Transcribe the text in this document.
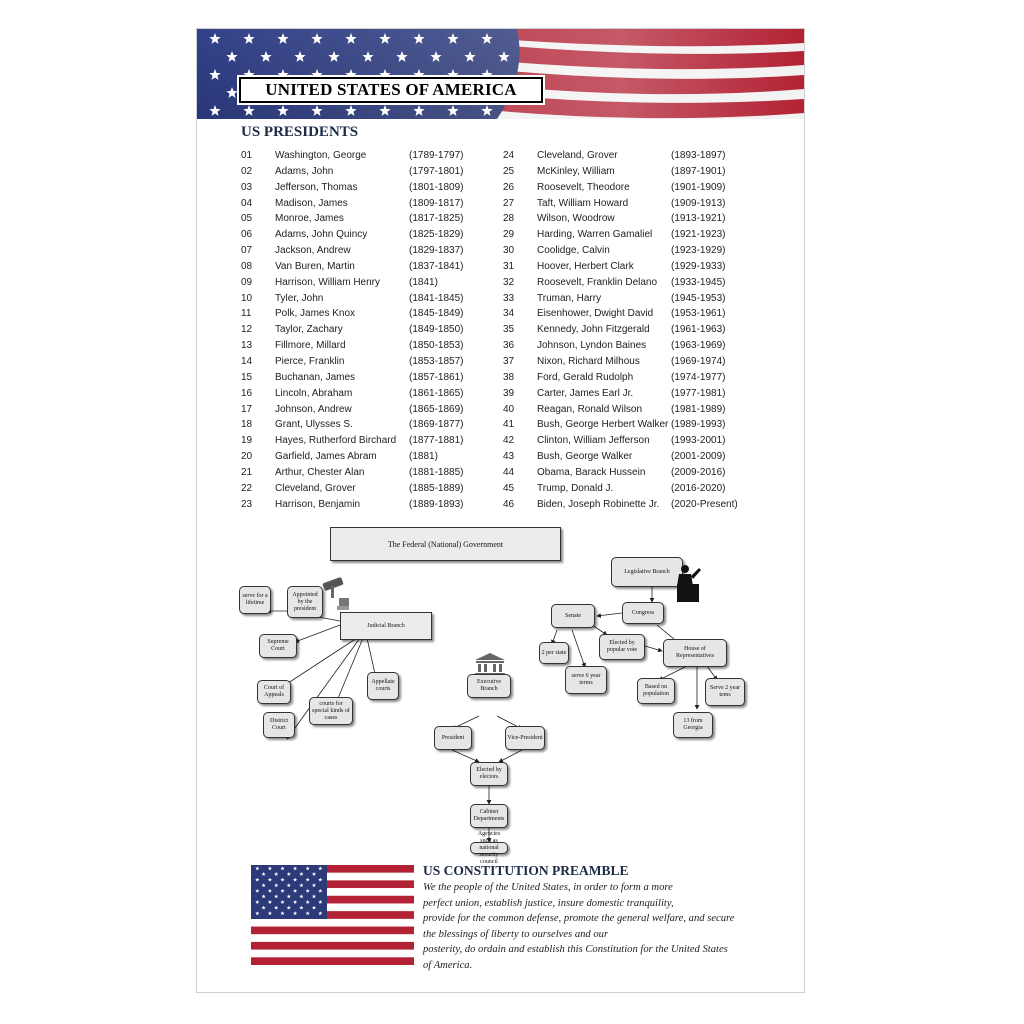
UNITED STATES OF AMERICA
US PRESIDENTS
01 Washington, George	(1789-1797)
02 Adams, John	(1797-1801)
03 Jefferson, Thomas	(1801-1809)
04 Madison, James	(1809-1817)
05 Monroe, James	(1817-1825)
06 Adams, John Quincy	(1825-1829)
07 Jackson, Andrew	(1829-1837)
08 Van Buren, Martin	(1837-1841)
09 Harrison, William Henry	(1841)
10 Tyler, John	(1841-1845)
11 Polk, James Knox	(1845-1849)
12 Taylor, Zachary	(1849-1850)
13 Fillmore, Millard	(1850-1853)
14 Pierce, Franklin	(1853-1857)
15 Buchanan, James	(1857-1861)
16 Lincoln, Abraham	(1861-1865)
17 Johnson, Andrew	(1865-1869)
18 Grant, Ulysses S.	(1869-1877)
19 Hayes, Rutherford Birchard (1877-1881)
20 Garfield, James Abram	(1881)
21 Arthur, Chester Alan	(1881-1885)
22 Cleveland, Grover	(1885-1889)
23 Harrison, Benjamin	(1889-1893)
24 Cleveland, Grover	(1893-1897)
25 McKinley, William	(1897-1901)
26 Roosevelt, Theodore	(1901-1909)
27 Taft, William Howard	(1909-1913)
28 Wilson, Woodrow	(1913-1921)
29 Harding, Warren Gamaliel (1921-1923)
30 Coolidge, Calvin	(1923-1929)
31 Hoover, Herbert Clark	(1929-1933)
32 Roosevelt, Franklin Delano (1933-1945)
33 Truman, Harry	(1945-1953)
34 Eisenhower, Dwight David (1953-1961)
35 Kennedy, John Fitzgerald (1961-1963)
36 Johnson, Lyndon Baines (1963-1969)
37 Nixon, Richard Milhous	(1969-1974)
38 Ford, Gerald Rudolph	(1974-1977)
39 Carter, James Earl Jr.	(1977-1981)
40 Reagan, Ronald Wilson	(1981-1989)
41 Bush, George Herbert Walker (1989-1993)
42 Clinton, William Jefferson (1993-2001)
43 Bush, George Walker	(2001-2009)
44 Obama, Barack Hussein	(2009-2016)
45 Trump, Donald J.	(2016-2020)
46 Biden, Joseph Robinette Jr. (2020-Present)
The Federal (National) Government
serve for a lifetime
Appointed by the president
Judicial Branch
Supreme Court
Court of Appeals
courts for special kinds of cases
Appellate courts
District Court
Executive Branch
President	Vice-President
Elected by electors
Cabinet Departments
Agencies such as national security council
Legislative Branch
Congress
Senate
2 per state
Elected by popular vote
serve 6 year terms
House of Representatives
Based on population
Serve 2 year tems
13 from Georgia
US CONSTITUTION PREAMBLE
We the people of the United States, in order to form a more
perfect union, establish justice, insure domestic tranquility,
provide for the common defense, promote the general welfare, and secure
the blessings of liberty to ourselves and our
posterity, do ordain and establish this Constitution for the United States
of America.
